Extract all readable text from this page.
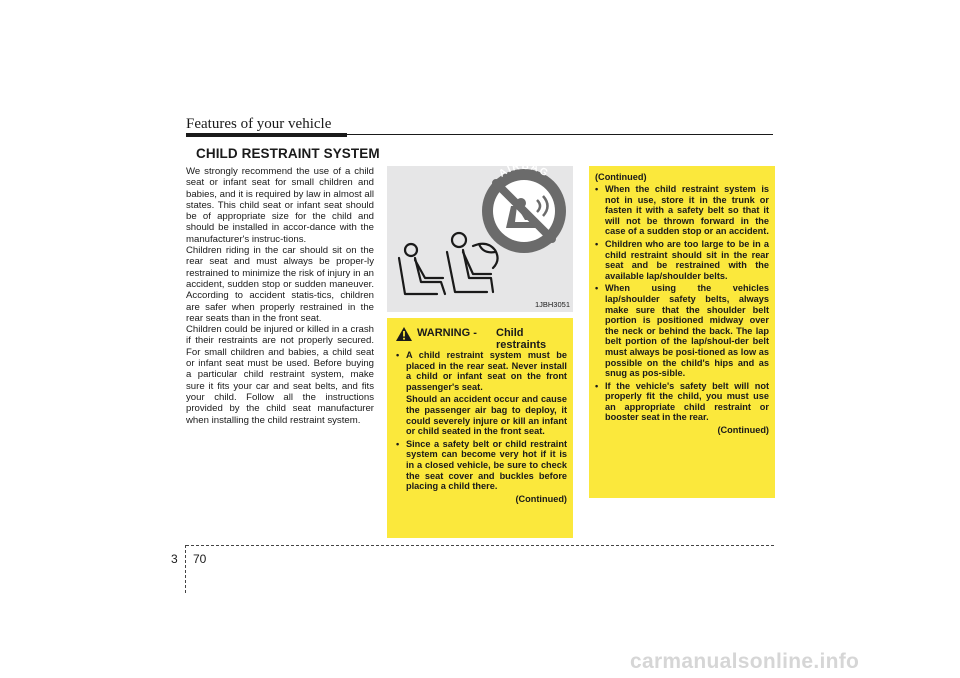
Features of your vehicle
CHILD RESTRAINT SYSTEM

We strongly recommend the use of a child seat or infant seat for small children and babies, and it is required by law in almost all states. This child seat or infant seat should be of appropriate size for the child and should be installed in accor-dance with the manufacturer's instruc-tions.

Children riding in the car should sit on the rear seat and must always be proper-ly restrained to minimize the risk of injury in an accident, sudden stop or sudden maneuver. According to accident statis-tics, children are safer when properly restrained in the rear seats than in the front seat.

Children could be injured or killed in a crash if their restraints are not properly secured. For small children and babies, a child seat or infant seat must be used. Before buying a particular child restraint system, make sure it fits your car and seat belts, and fits your child. Follow all the instructions provided by the child seat manufacturer when installing the child restraint system.

AIRBAG
1JBH3051
WARNING - Child
restraints

• A child restraint system must be placed in the rear seat. Never install a child or infant seat on the front passenger's seat.

Should an accident occur and cause the passenger air bag to deploy, it could severely injure or kill an infant or child seated in the front seat.

• Since a safety belt or child restraint system can become very hot if it is in a closed vehicle, be sure to check the seat cover and buckles before placing a child there.

(Continued)
(Continued)
• When the child restraint system is not in use, store it in the trunk or fasten it with a safety belt so that it will not be thrown forward in the case of a sudden stop or an accident.
• Children who are too large to be in a child restraint should sit in the rear seat and be restrained with the available lap/shoulder belts.
• When using the vehicles lap/shoulder safety belts, always make sure that the shoulder belt portion is positioned midway over the neck or behind the back. The lap belt portion of the lap/shoul-der belt must always be posi-tioned as low as possible on the child's hips and as snug as pos-sible.
• If the vehicle's safety belt will not properly fit the child, you must use an appropriate child restraint or booster seat in the rear.
(Continued)
3 70
carmanualsonline.info
